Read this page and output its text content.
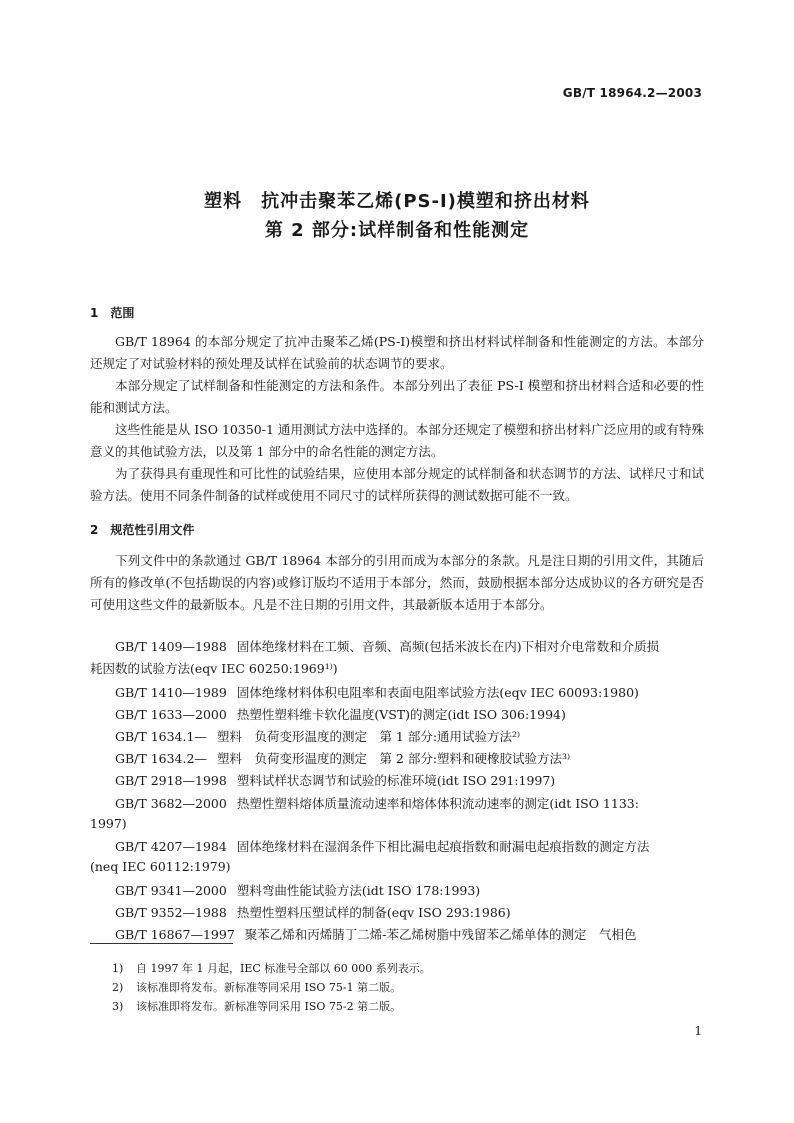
GB/T 18964.2—2003
塑料　抗冲击聚苯乙烯(PS-I)模塑和挤出材料
第 2 部分:试样制备和性能测定
1　范围
GB/T 18964 的本部分规定了抗冲击聚苯乙烯(PS-I)模塑和挤出材料试样制备和性能测定的方法。本部分还规定了对试验材料的预处理及试样在试验前的状态调节的要求。
本部分规定了试样制备和性能测定的方法和条件。本部分列出了表征 PS-I 模塑和挤出材料合适和必要的性能和测试方法。
这些性能是从 ISO 10350-1 通用测试方法中选择的。本部分还规定了模塑和挤出材料广泛应用的或有特殊意义的其他试验方法，以及第 1 部分中的命名性能的测定方法。
为了获得具有重现性和可比性的试验结果，应使用本部分规定的试样制备和状态调节的方法、试样尺寸和试验方法。使用不同条件制备的试样或使用不同尺寸的试样所获得的测试数据可能不一致。
2　规范性引用文件
下列文件中的条款通过 GB/T 18964 本部分的引用而成为本部分的条款。凡是注日期的引用文件，其随后所有的修改单(不包括勘误的内容)或修订版均不适用于本部分，然而，鼓励根据本部分达成协议的各方研究是否可使用这些文件的最新版本。凡是不注日期的引用文件，其最新版本适用于本部分。
GB/T 1409—1988 固体绝缘材料在工频、音频、高频(包括米波长在内)下相对介电常数和介质损
耗因数的试验方法(eqv IEC 60250:1969¹⁾)
GB/T 1410—1989 固体绝缘材料体积电阻率和表面电阻率试验方法(eqv IEC 60093:1980)
GB/T 1633—2000 热塑性塑料维卡软化温度(VST)的测定(idt ISO 306:1994)
GB/T 1634.1— 塑料　负荷变形温度的测定　第 1 部分:通用试验方法²⁾
GB/T 1634.2— 塑料　负荷变形温度的测定　第 2 部分:塑料和硬橡胶试验方法³⁾
GB/T 2918—1998 塑料试样状态调节和试验的标准环境(idt ISO 291:1997)
GB/T 3682—2000 热塑性塑料熔体质量流动速率和熔体体积流动速率的测定(idt ISO 1133:
1997)
GB/T 4207—1984 固体绝缘材料在湿润条件下相比漏电起痕指数和耐漏电起痕指数的测定方法
(neq IEC 60112:1979)
GB/T 9341—2000 塑料弯曲性能试验方法(idt ISO 178:1993)
GB/T 9352—1988 热塑性塑料压塑试样的制备(eqv ISO 293:1986)
GB/T 16867—1997 聚苯乙烯和丙烯腈丁二烯-苯乙烯树脂中残留苯乙烯单体的测定　气相色
1) 自 1997 年 1 月起，IEC 标准号全部以 60 000 系列表示。
2) 该标准即将发布。新标准等同采用 ISO 75-1 第二版。
3) 该标准即将发布。新标准等同采用 ISO 75-2 第二版。
1
